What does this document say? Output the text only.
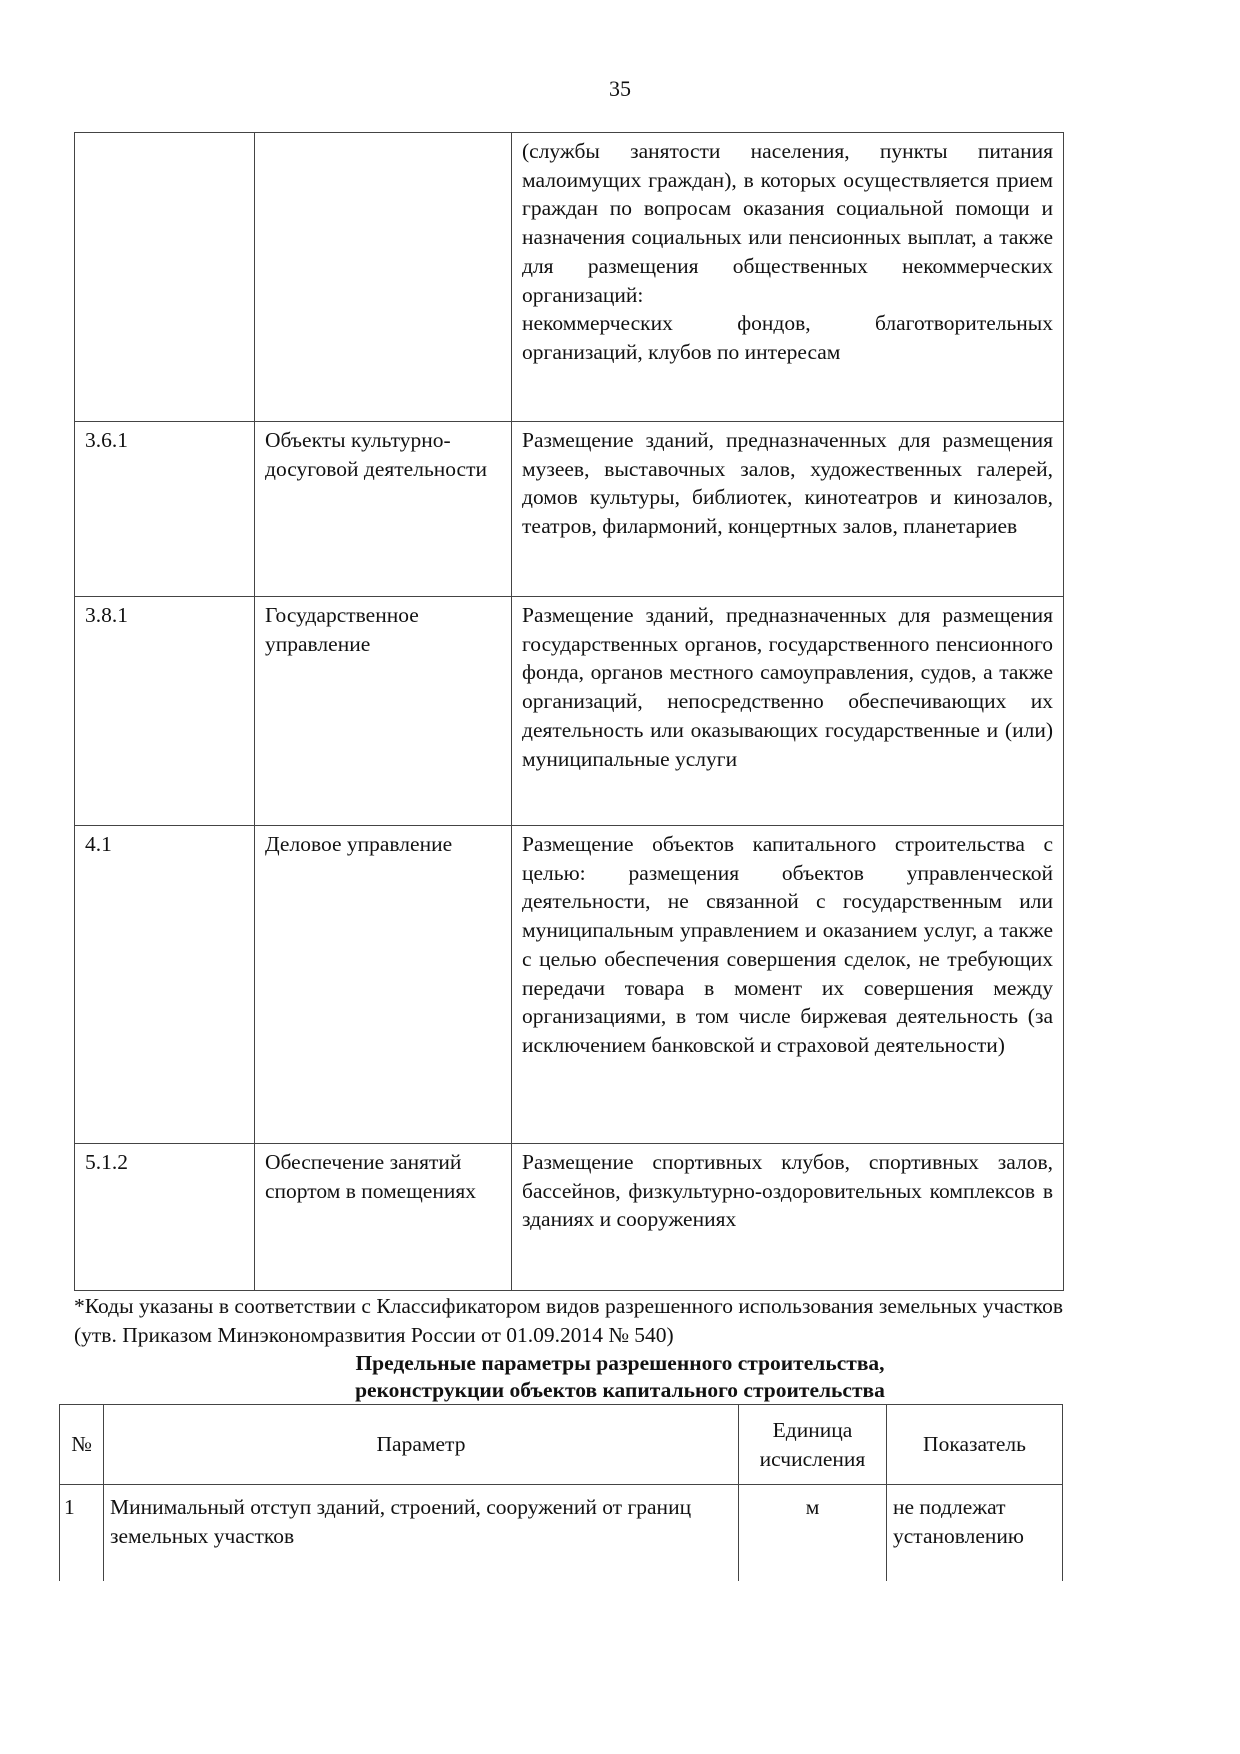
35

		(службы занятости населения, пункты питания малоимущих граждан), в которых осуществляется прием граждан по вопросам оказания социальной помощи и назначения социальных или пенсионных выплат, а также для размещения общественных некоммерческих организаций:
некоммерческих фондов, благотворительных организаций, клубов по интересам

3.6.1	Объекты культурно-досуговой деятельности	Размещение зданий, предназначенных для размещения музеев, выставочных залов, художественных галерей, домов культуры, библиотек, кинотеатров и кинозалов, театров, филармоний, концертных залов, планетариев
3.8.1	Государственное управление	Размещение зданий, предназначенных для размещения государственных органов, государственного пенсионного фонда, органов местного самоуправления, судов, а также организаций, непосредственно обеспечивающих их деятельность или оказывающих государственные и (или) муниципальные услуги
4.1	Деловое управление	Размещение объектов капитального строительства с целью: размещения объектов управленческой деятельности, не связанной с государственным или муниципальным управлением и оказанием услуг, а также с целью обеспечения совершения сделок, не требующих передачи товара в момент их совершения между организациями, в том числе биржевая деятельность (за исключением банковской и страховой деятельности)
5.1.2	Обеспечение занятий спортом в помещениях	Размещение спортивных клубов, спортивных залов, бассейнов, физкультурно-оздоровительных комплексов в зданиях и сооружениях
*Коды указаны в соответствии с Классификатором видов разрешенного использования земельных участков (утв. Приказом Минэкономразвития России от 01.09.2014 № 540)
Предельные параметры разрешенного строительства,
реконструкции объектов капитального строительства
№	Параметр	Единица исчисления	Показатель
1	Минимальный отступ зданий, строений, сооружений от границ земельных участков	м	не подлежат установлению
